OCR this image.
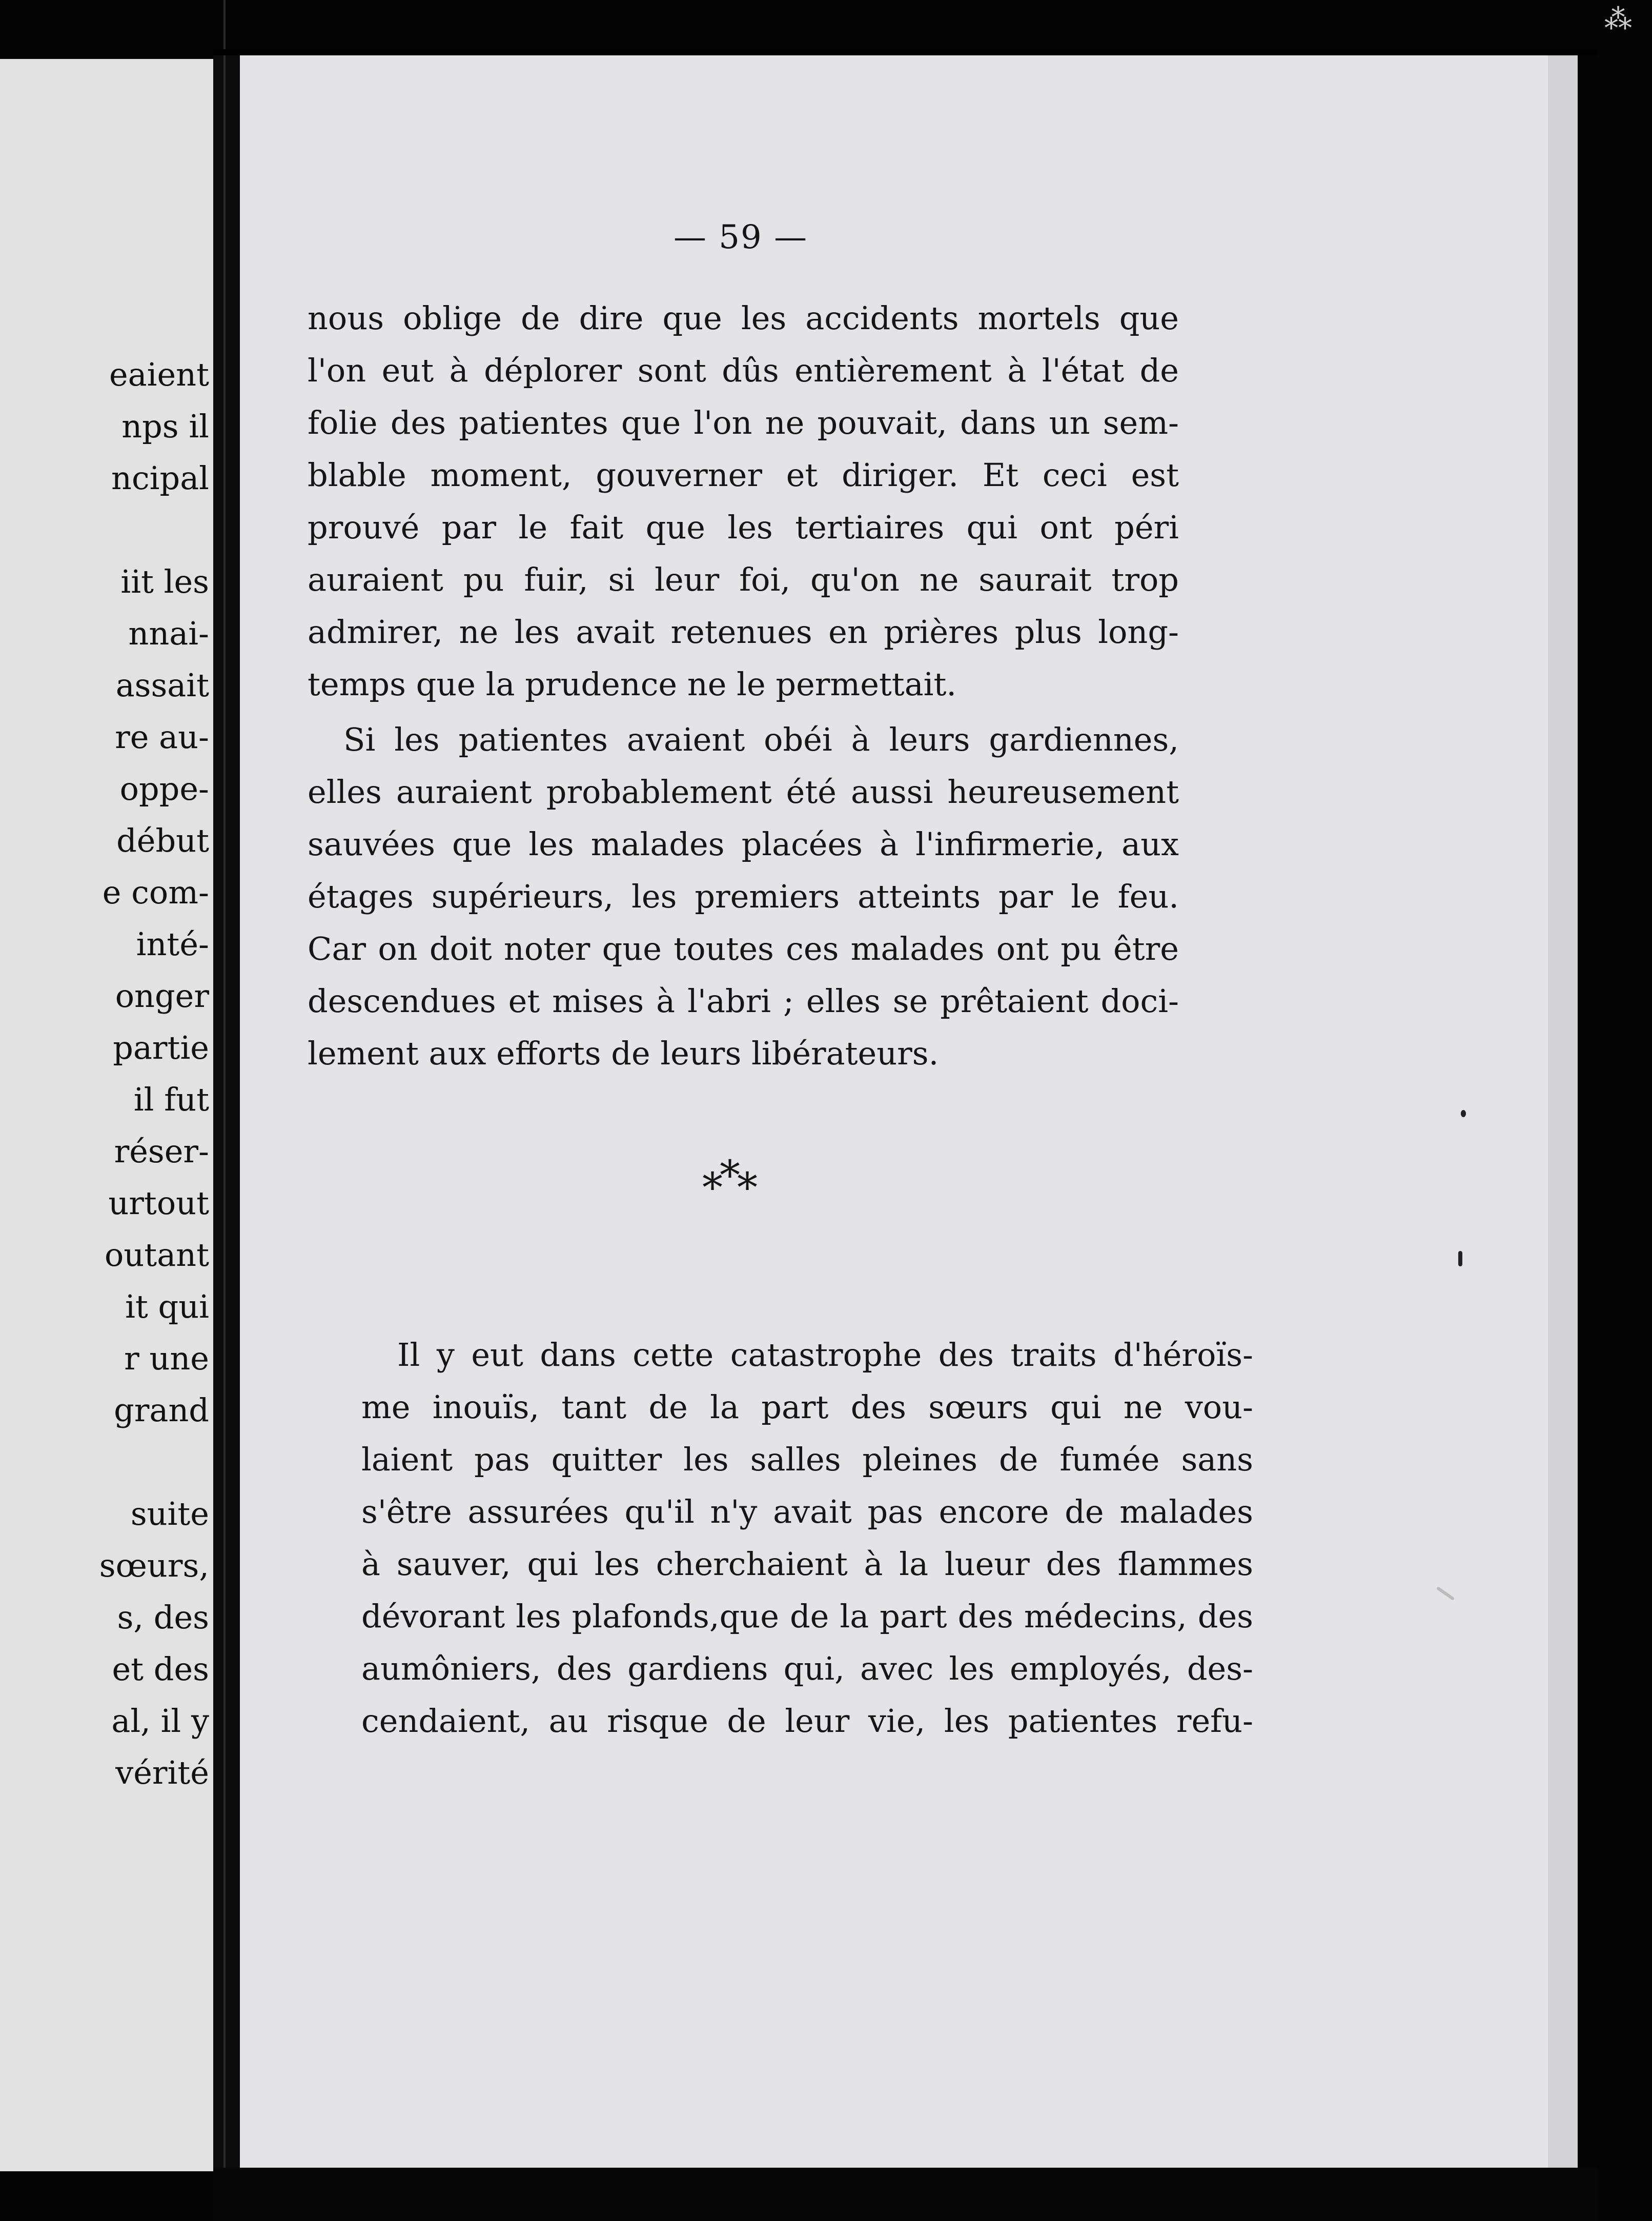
eaient
nps il
ncipal
iit les
nnai-
assait
re au-
oppe-
début
e com-
inté-
onger
partie
il fut
réser-
urtout
outant
it qui
r une
grand
suite
sœurs,
s, des
et des
al, il y
vérité
⁂
— 59 —
nous oblige de dire que les accidents mortels que
l'on eut à déplorer sont dûs entièrement à l'état de
folie des patientes que l'on ne pouvait, dans un sem-
blable moment, gouverner et diriger. Et ceci est
prouvé par le fait que les tertiaires qui ont péri
auraient pu fuir, si leur foi, qu'on ne saurait trop
admirer, ne les avait retenues en prières plus long-
temps que la prudence ne le permettait.
Si les patientes avaient obéi à leurs gardiennes,
elles auraient probablement été aussi heureusement
sauvées que les malades placées à l'infirmerie, aux
étages supérieurs, les premiers atteints par le feu.
Car on doit noter que toutes ces malades ont pu être
descendues et mises à l'abri ; elles se prêtaient doci-
lement aux efforts de leurs libérateurs.
***
Il y eut dans cette catastrophe des traits d'héroïs-
me inouïs, tant de la part des sœurs qui ne vou-
laient pas quitter les salles pleines de fumée sans
s'être assurées qu'il n'y avait pas encore de malades
à sauver, qui les cherchaient à la lueur des flammes
dévorant les plafonds,que de la part des médecins, des
aumôniers, des gardiens qui, avec les employés, des-
cendaient, au risque de leur vie, les patientes refu-
